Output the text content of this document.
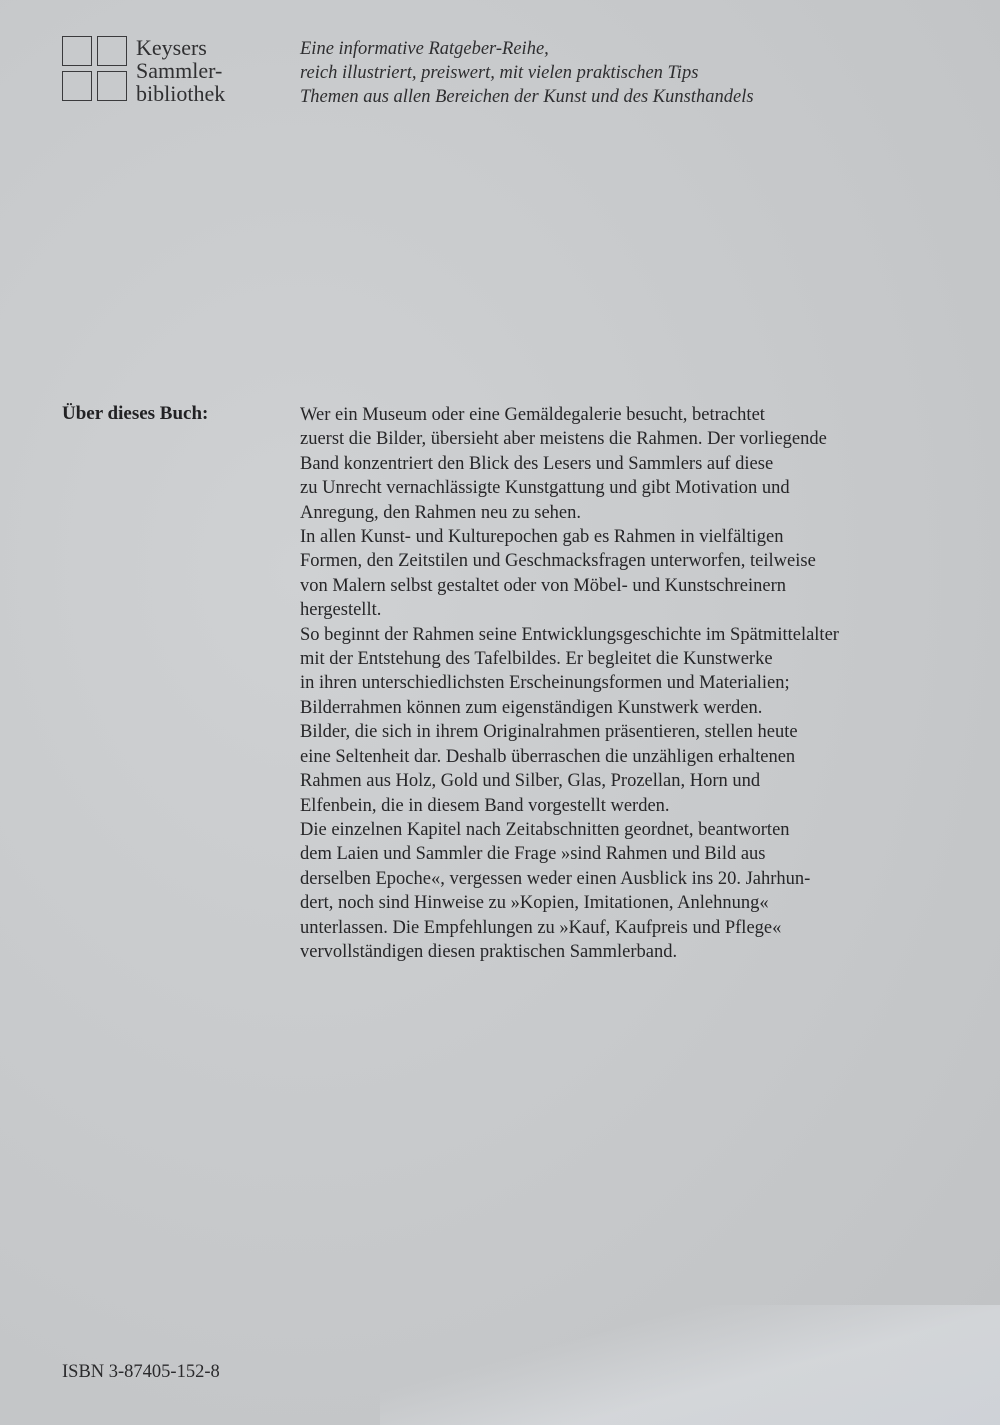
Keysers
Sammler-
bibliothek
Eine informative Ratgeber-Reihe,
reich illustriert, preiswert, mit vielen praktischen Tips
Themen aus allen Bereichen der Kunst und des Kunsthandels
Über dieses Buch:	Wer ein Museum oder eine Gemäldegalerie besucht, betrachtet
zuerst die Bilder, übersieht aber meistens die Rahmen. Der vorliegende
Band konzentriert den Blick des Lesers und Sammlers auf diese
zu Unrecht vernachlässigte Kunstgattung und gibt Motivation und
Anregung, den Rahmen neu zu sehen.
In allen Kunst- und Kulturepochen gab es Rahmen in vielfältigen
Formen, den Zeitstilen und Geschmacksfragen unterworfen, teilweise
von Malern selbst gestaltet oder von Möbel- und Kunstschreinern
hergestellt.
So beginnt der Rahmen seine Entwicklungsgeschichte im Spätmittelalter
mit der Entstehung des Tafelbildes. Er begleitet die Kunstwerke
in ihren unterschiedlichsten Erscheinungsformen und Materialien;
Bilderrahmen können zum eigenständigen Kunstwerk werden.
Bilder, die sich in ihrem Originalrahmen präsentieren, stellen heute
eine Seltenheit dar. Deshalb überraschen die unzähligen erhaltenen
Rahmen aus Holz, Gold und Silber, Glas, Prozellan, Horn und
Elfenbein, die in diesem Band vorgestellt werden.
Die einzelnen Kapitel nach Zeitabschnitten geordnet, beantworten
dem Laien und Sammler die Frage »sind Rahmen und Bild aus
derselben Epoche«, vergessen weder einen Ausblick ins 20. Jahrhun-
dert, noch sind Hinweise zu »Kopien, Imitationen, Anlehnung«
unterlassen. Die Empfehlungen zu »Kauf, Kaufpreis und Pflege«
vervollständigen diesen praktischen Sammlerband.
ISBN 3-87405-152-8
